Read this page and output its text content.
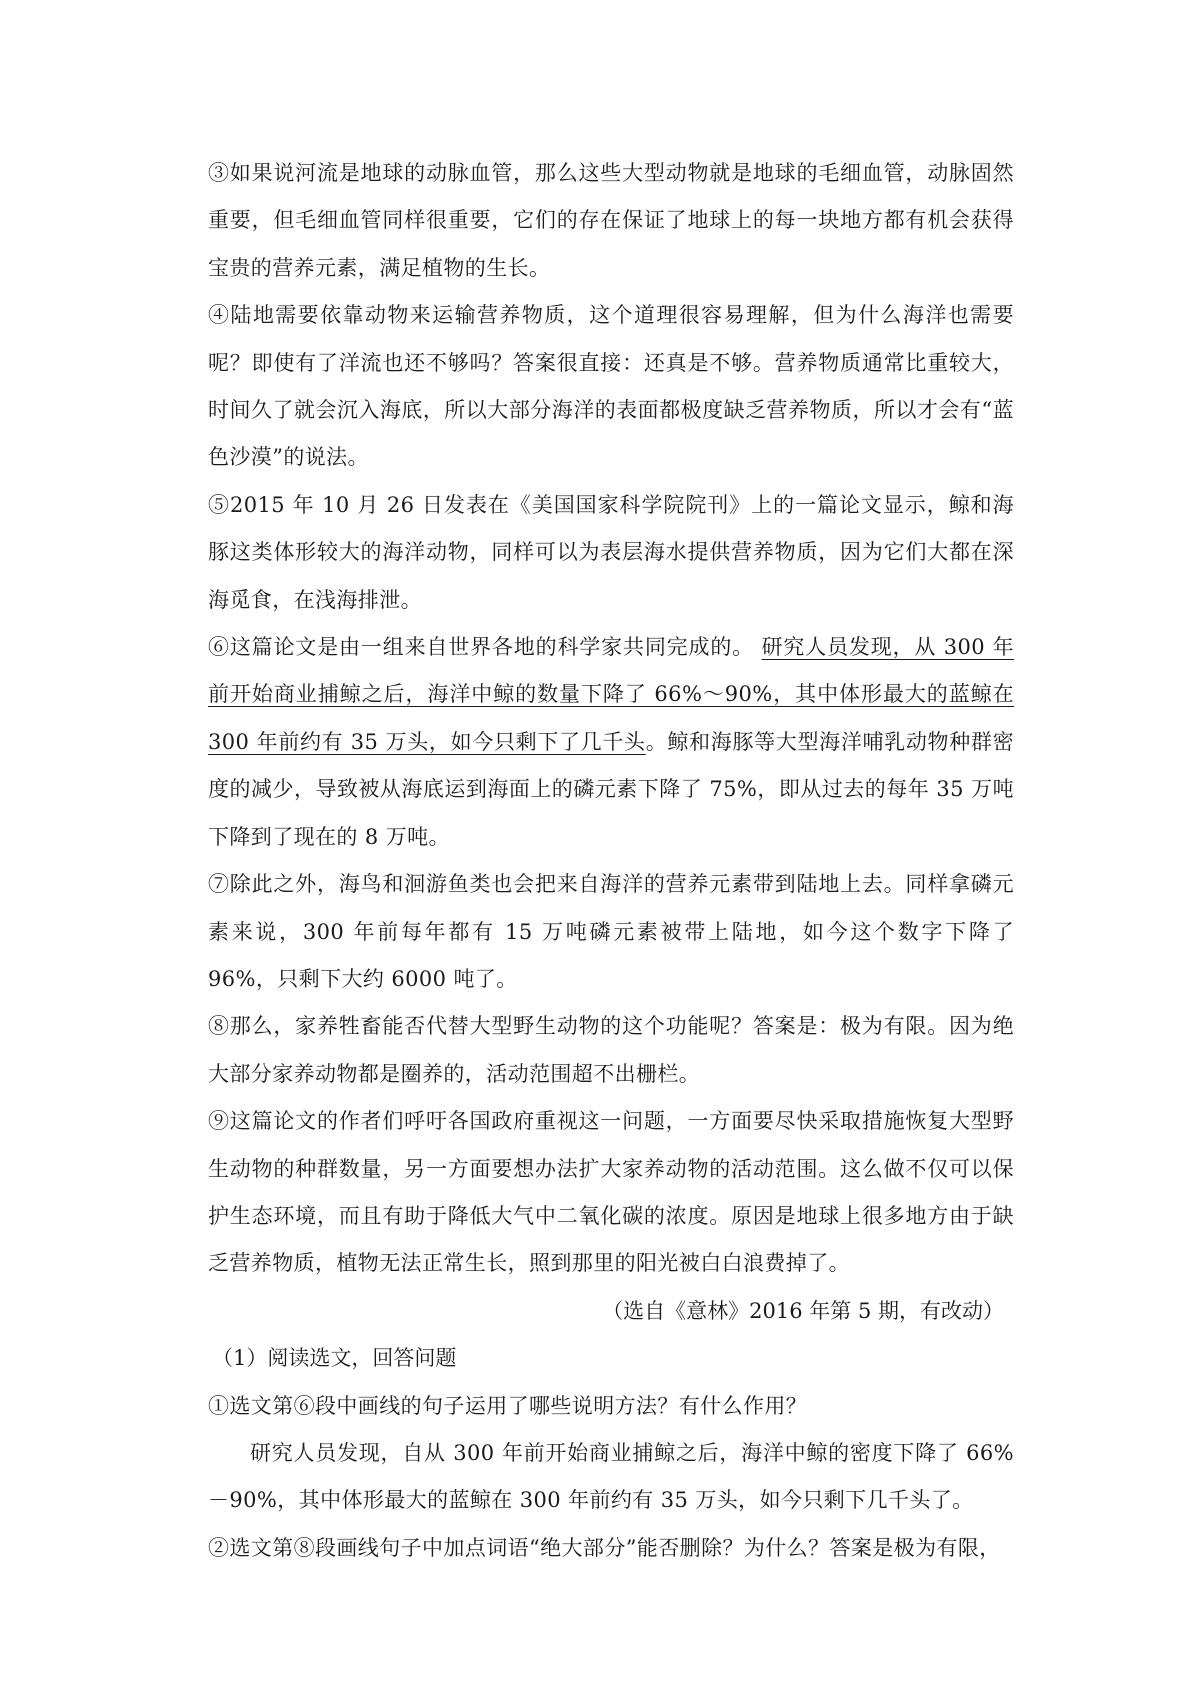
③如果说河流是地球的动脉血管，那么这些大型动物就是地球的毛细血管，动脉固然重要，但毛细血管同样很重要，它们的存在保证了地球上的每一块地方都有机会获得宝贵的营养元素，满足植物的生长。

④陆地需要依靠动物来运输营养物质，这个道理很容易理解，但为什么海洋也需要呢？即使有了洋流也还不够吗？答案很直接：还真是不够。营养物质通常比重较大，时间久了就会沉入海底，所以大部分海洋的表面都极度缺乏营养物质，所以才会有“蓝色沙漠”的说法。

⑤2015 年 10 月 26 日发表在《美国国家科学院院刊》上的一篇论文显示，鲸和海豚这类体形较大的海洋动物，同样可以为表层海水提供营养物质，因为它们大都在深海觅食，在浅海排泄。

⑥这篇论文是由一组来自世界各地的科学家共同完成的。 研究人员发现，从 300 年前开始商业捕鲸之后，海洋中鲸的数量下降了 66%～90%，其中体形最大的蓝鲸在 300 年前约有 35 万头，如今只剩下了几千头。鲸和海豚等大型海洋哺乳动物种群密度的减少，导致被从海底运到海面上的磷元素下降了 75%，即从过去的每年 35 万吨下降到了现在的 8 万吨。

⑦除此之外，海鸟和洄游鱼类也会把来自海洋的营养元素带到陆地上去。同样拿磷元素来说，300 年前每年都有 15 万吨磷元素被带上陆地，如今这个数字下降了 96%，只剩下大约 6000 吨了。

⑧那么，家养牲畜能否代替大型野生动物的这个功能呢？答案是：极为有限。因为绝大部分家养动物都是圈养的，活动范围超不出栅栏。

⑨这篇论文的作者们呼吁各国政府重视这一问题，一方面要尽快采取措施恢复大型野生动物的种群数量，另一方面要想办法扩大家养动物的活动范围。这么做不仅可以保护生态环境，而且有助于降低大气中二氧化碳的浓度。原因是地球上很多地方由于缺乏营养物质，植物无法正常生长，照到那里的阳光被白白浪费掉了。

（选自《意林》2016 年第 5 期，有改动）

（1）阅读选文，回答问题

①选文第⑥段中画线的句子运用了哪些说明方法？有什么作用？

研究人员发现，自从 300 年前开始商业捕鲸之后，海洋中鲸的密度下降了 66%－90%，其中体形最大的蓝鲸在 300 年前约有 35 万头，如今只剩下几千头了。

②选文第⑧段画线句子中加点词语“绝大部分”能否删除？为什么？答案是极为有限，
